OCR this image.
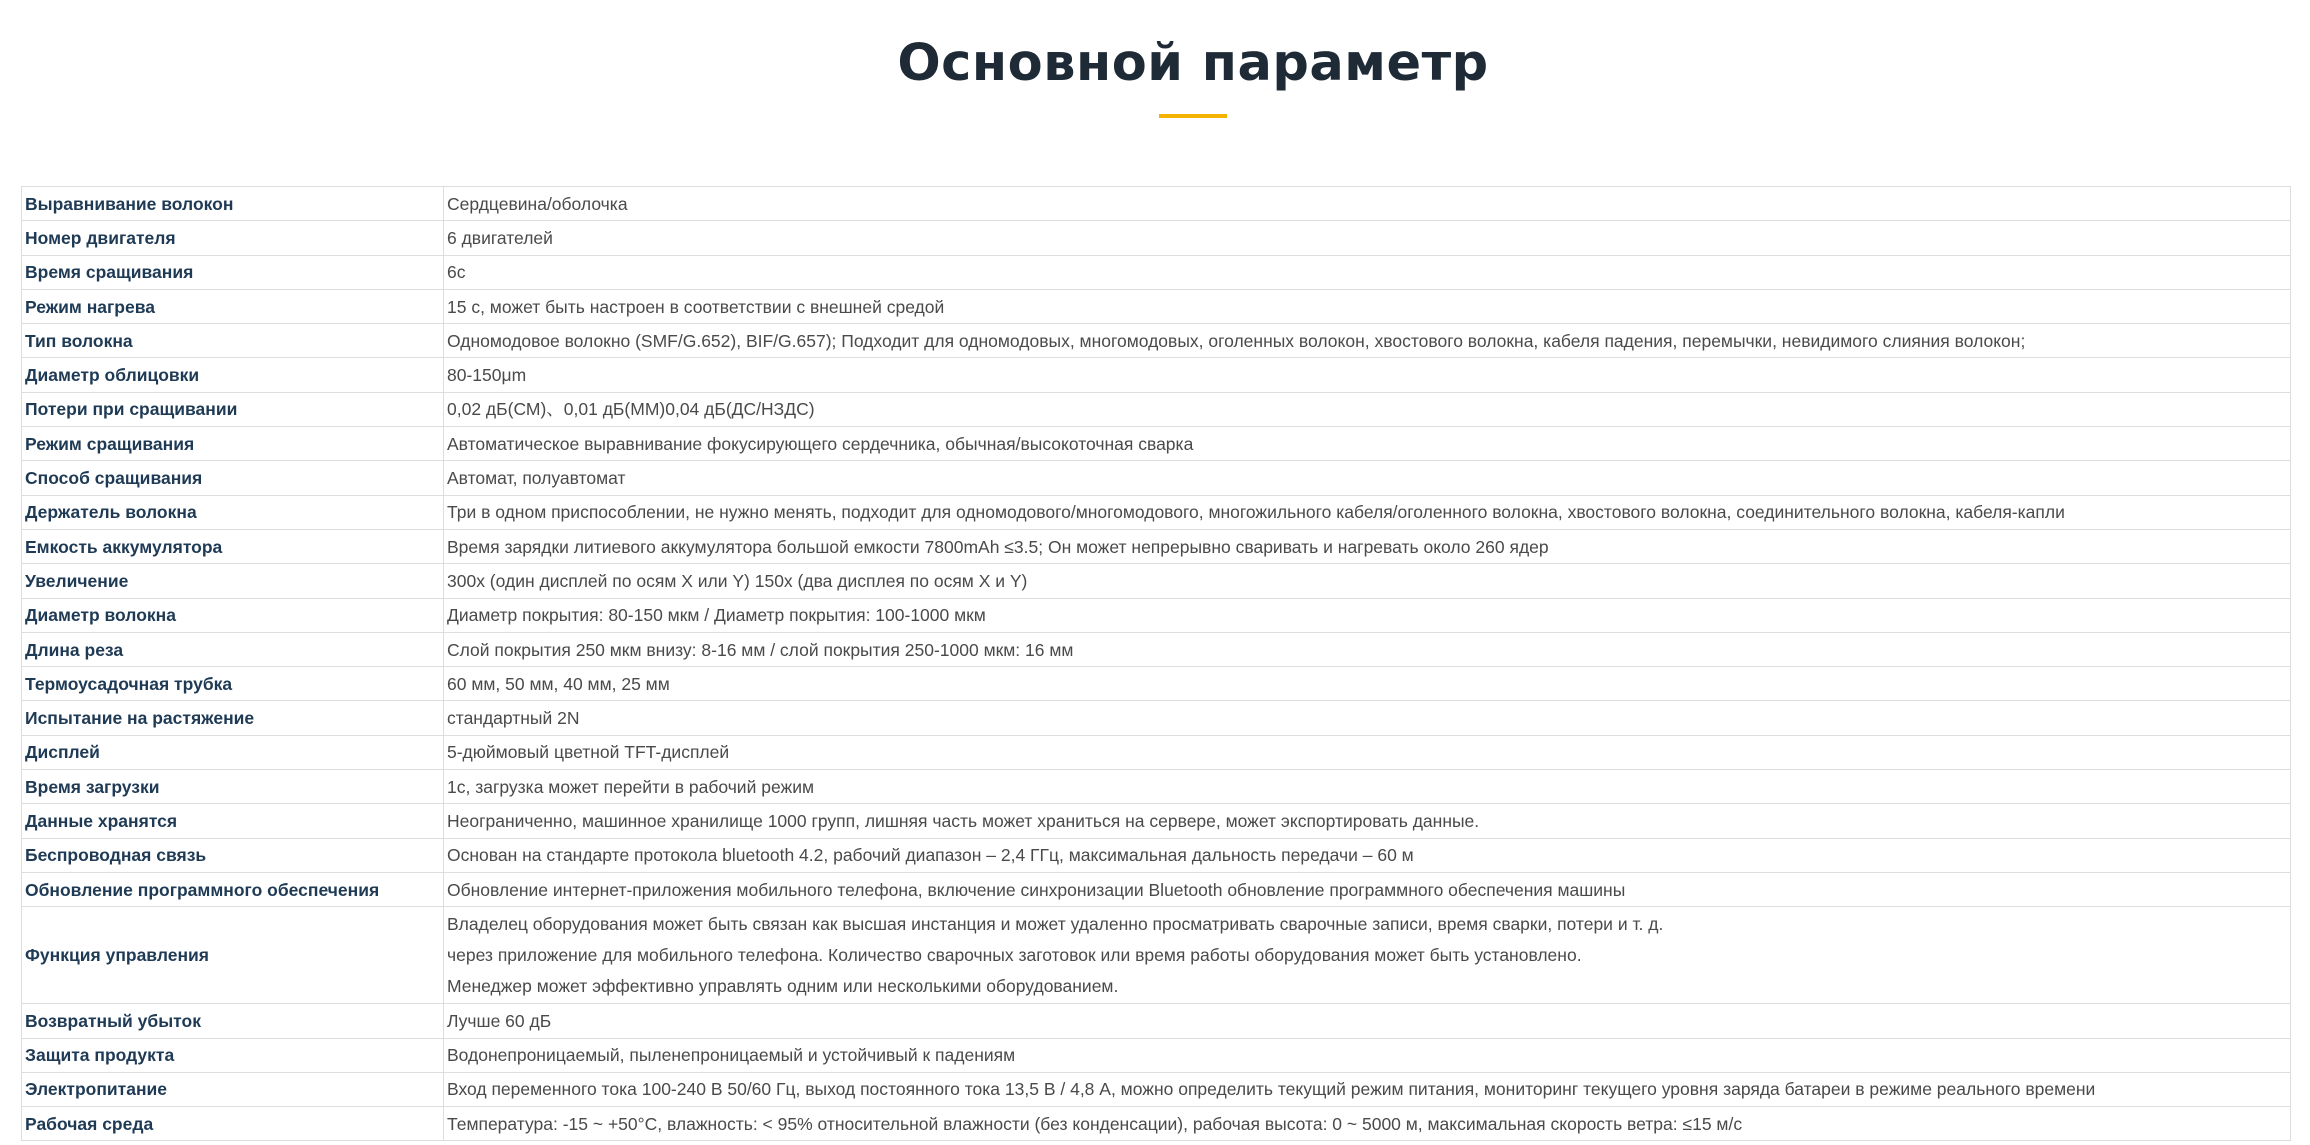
Основной параметр
Выравнивание волокон	Сердцевина/оболочка
Номер двигателя	6 двигателей
Время сращивания	6с
Режим нагрева	15 с, может быть настроен в соответствии с внешней средой
Тип волокна	Одномодовое волокно (SMF/G.652), BIF/G.657); Подходит для одномодовых, многомодовых, оголенных волокон, хвостового волокна, кабеля падения, перемычки, невидимого слияния волокон;
Диаметр облицовки	80-150μm
Потери при сращивании	0,02 дБ(СМ)、0,01 дБ(ММ)0,04 дБ(ДС/НЗДС)
Режим сращивания	Автоматическое выравнивание фокусирующего сердечника, обычная/высокоточная сварка
Способ сращивания	Автомат, полуавтомат
Держатель волокна	Три в одном приспособлении, не нужно менять, подходит для одномодового/многомодового, многожильного кабеля/оголенного волокна, хвостового волокна, соединительного волокна, кабеля-капли
Емкость аккумулятора	Время зарядки литиевого аккумулятора большой емкости 7800mAh ≤3.5; Он может непрерывно сваривать и нагревать около 260 ядер
Увеличение	300x (один дисплей по осям X или Y) 150x (два дисплея по осям X и Y)
Диаметр волокна	Диаметр покрытия: 80-150 мкм / Диаметр покрытия: 100-1000 мкм
Длина реза	Слой покрытия 250 мкм внизу: 8-16 мм / слой покрытия 250-1000 мкм: 16 мм
Термоусадочная трубка	60 мм, 50 мм, 40 мм, 25 мм
Испытание на растяжение	стандартный 2N
Дисплей	5-дюймовый цветной TFT-дисплей
Время загрузки	1с, загрузка может перейти в рабочий режим
Данные хранятся	Неограниченно, машинное хранилище 1000 групп, лишняя часть может храниться на сервере, может экспортировать данные.
Беспроводная связь	Основан на стандарте протокола bluetooth 4.2, рабочий диапазон – 2,4 ГГц, максимальная дальность передачи – 60 м
Обновление программного обеспечения	Обновление интернет-приложения мобильного телефона, включение синхронизации Bluetooth обновление программного обеспечения машины
Функция управления	Владелец оборудования может быть связан как высшая инстанция и может удаленно просматривать сварочные записи, время сварки, потери и т. д.
через приложение для мобильного телефона. Количество сварочных заготовок или время работы оборудования может быть установлено.
Менеджер может эффективно управлять одним или несколькими оборудованием.

Возвратный убыток	Лучше 60 дБ
Защита продукта	Водонепроницаемый, пыленепроницаемый и устойчивый к падениям
Электропитание	Вход переменного тока 100-240 В 50/60 Гц, выход постоянного тока 13,5 В / 4,8 А, можно определить текущий режим питания, мониторинг текущего уровня заряда батареи в режиме реального времени
Рабочая среда	Температура: -15 ~ +50°C, влажность: < 95% относительной влажности (без конденсации), рабочая высота: 0 ~ 5000 м, максимальная скорость ветра: ≤15 м/с
